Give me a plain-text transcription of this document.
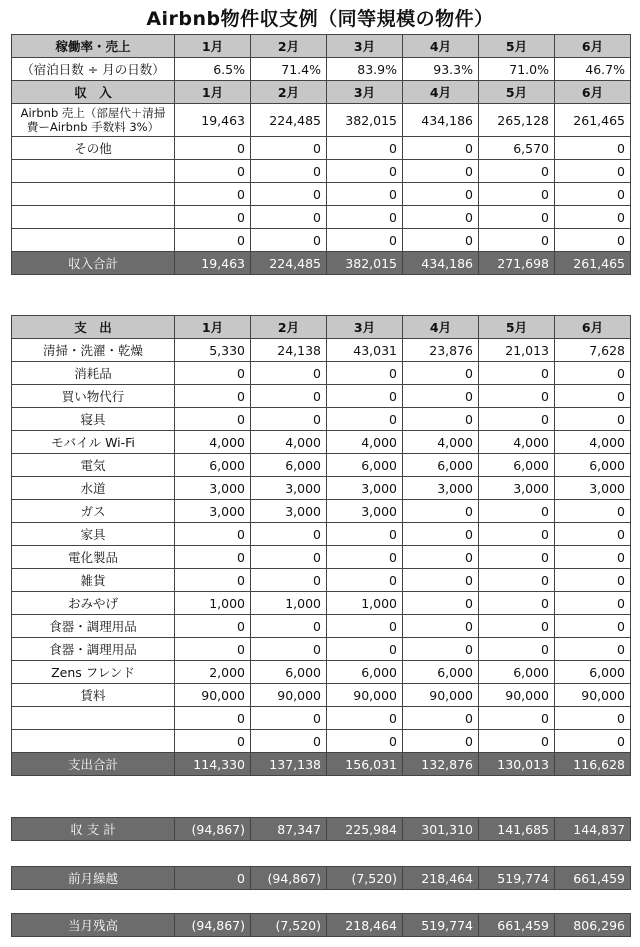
Airbnb物件収支例（同等規模の物件）
稼働率・売上	1月	2月	3月	4月	5月	6月
（宿泊日数 ÷ 月の日数）	6.5%	71.4%	83.9%	93.3%	71.0%	46.7%
収　入	1月	2月	3月	4月	5月	6月
Airbnb 売上（部屋代＋清掃費ーAirbnb 手数料 3%）	19,463	224,485	382,015	434,186	265,128	261,465
その他	0	0	0	0	6,570	0
	0	0	0	0	0	0
	0	0	0	0	0	0
	0	0	0	0	0	0
	0	0	0	0	0	0
収入合計	19,463	224,485	382,015	434,186	271,698	261,465
支　出	1月	2月	3月	4月	5月	6月
清掃・洗濯・乾燥	5,330	24,138	43,031	23,876	21,013	7,628
消耗品	0	0	0	0	0	0
買い物代行	0	0	0	0	0	0
寝具	0	0	0	0	0	0
モバイル Wi-Fi	4,000	4,000	4,000	4,000	4,000	4,000
電気	6,000	6,000	6,000	6,000	6,000	6,000
水道	3,000	3,000	3,000	3,000	3,000	3,000
ガス	3,000	3,000	3,000	0	0	0
家具	0	0	0	0	0	0
電化製品	0	0	0	0	0	0
雑貨	0	0	0	0	0	0
おみやげ	1,000	1,000	1,000	0	0	0
食器・調理用品	0	0	0	0	0	0
食器・調理用品	0	0	0	0	0	0
Zens フレンド	2,000	6,000	6,000	6,000	6,000	6,000
賃料	90,000	90,000	90,000	90,000	90,000	90,000
	0	0	0	0	0	0
	0	0	0	0	0	0
支出合計	114,330	137,138	156,031	132,876	130,013	116,628
収 支 計	(94,867)	87,347	225,984	301,310	141,685	144,837
前月繰越	0	(94,867)	(7,520)	218,464	519,774	661,459
当月残高	(94,867)	(7,520)	218,464	519,774	661,459	806,296
